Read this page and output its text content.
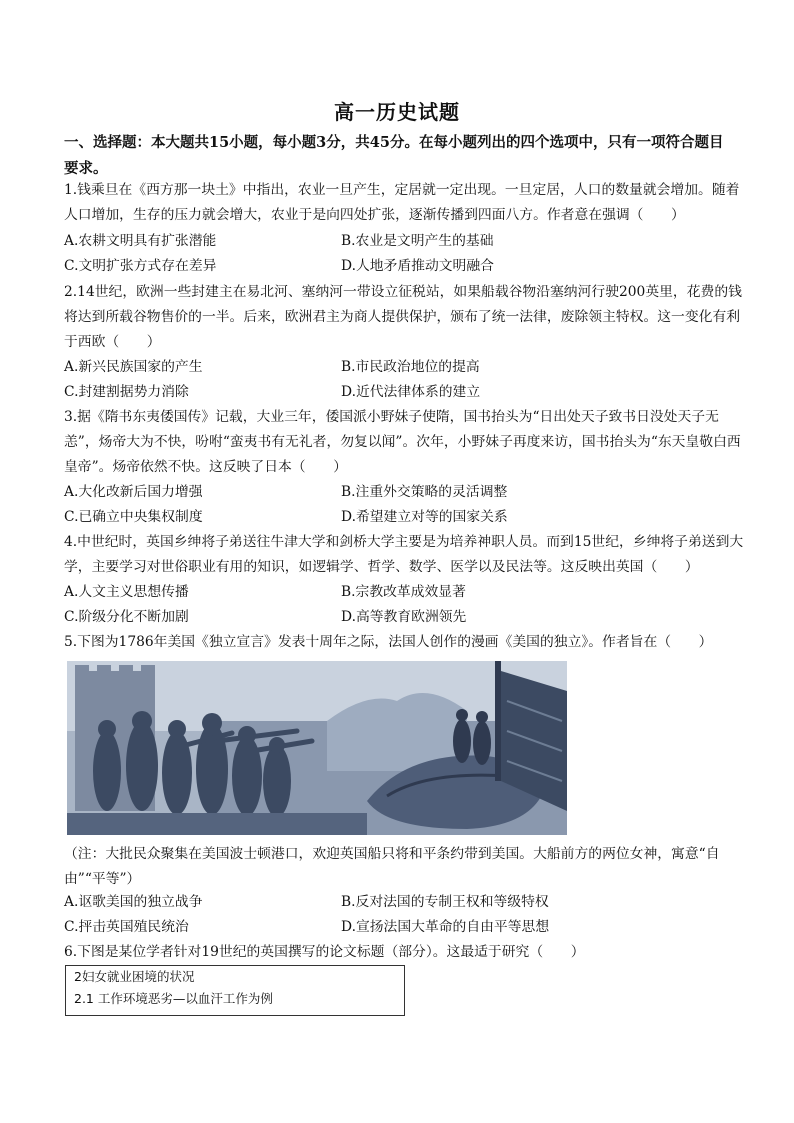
高一历史试题
一、选择题：本大题共15小题，每小题3分，共45分。在每小题列出的四个选项中，只有一项符合题目要求。
1.钱乘旦在《西方那一块土》中指出，农业一旦产生，定居就一定出现。一旦定居，人口的数量就会增加。随着人口增加，生存的压力就会增大，农业于是向四处扩张，逐渐传播到四面八方。作者意在强调（　　）
A.农耕文明具有扩张潜能	B.农业是文明产生的基础
C.文明扩张方式存在差异	D.人地矛盾推动文明融合
2.14世纪，欧洲一些封建主在易北河、塞纳河一带设立征税站，如果船载谷物沿塞纳河行驶200英里，花费的钱将达到所载谷物售价的一半。后来，欧洲君主为商人提供保护，颁布了统一法律，废除领主特权。这一变化有利于西欧（　　）
A.新兴民族国家的产生	B.市民政治地位的提高
C.封建割据势力消除	D.近代法律体系的建立
3.据《隋书东夷倭国传》记载，大业三年，倭国派小野妹子使隋，国书抬头为“日出处天子致书日没处天子无恙”，炀帝大为不快，吩咐“蛮夷书有无礼者，勿复以闻”。次年，小野妹子再度来访，国书抬头为“东天皇敬白西皇帝”。炀帝依然不快。这反映了日本（　　）
A.大化改新后国力增强	B.注重外交策略的灵活调整
C.已确立中央集权制度	D.希望建立对等的国家关系
4.中世纪时，英国乡绅将子弟送往牛津大学和剑桥大学主要是为培养神职人员。而到15世纪，乡绅将子弟送到大学，主要学习对世俗职业有用的知识，如逻辑学、哲学、数学、医学以及民法等。这反映出英国（　　）
A.人文主义思想传播	B.宗教改革成效显著
C.阶级分化不断加剧	D.高等教育欧洲领先
5.下图为1786年美国《独立宣言》发表十周年之际，法国人创作的漫画《美国的独立》。作者旨在（　　）
（注：大批民众聚集在美国波士顿港口，欢迎英国船只将和平条约带到美国。大船前方的两位女神，寓意“自由”“平等”）
A.讴歌美国的独立战争	B.反对法国的专制王权和等级特权
C.抨击英国殖民统治	D.宣扬法国大革命的自由平等思想
6.下图是某位学者针对19世纪的英国撰写的论文标题（部分）。这最适于研究（　　）
2妇女就业困境的状况
2.1 工作环境恶劣—以血汗工作为例
